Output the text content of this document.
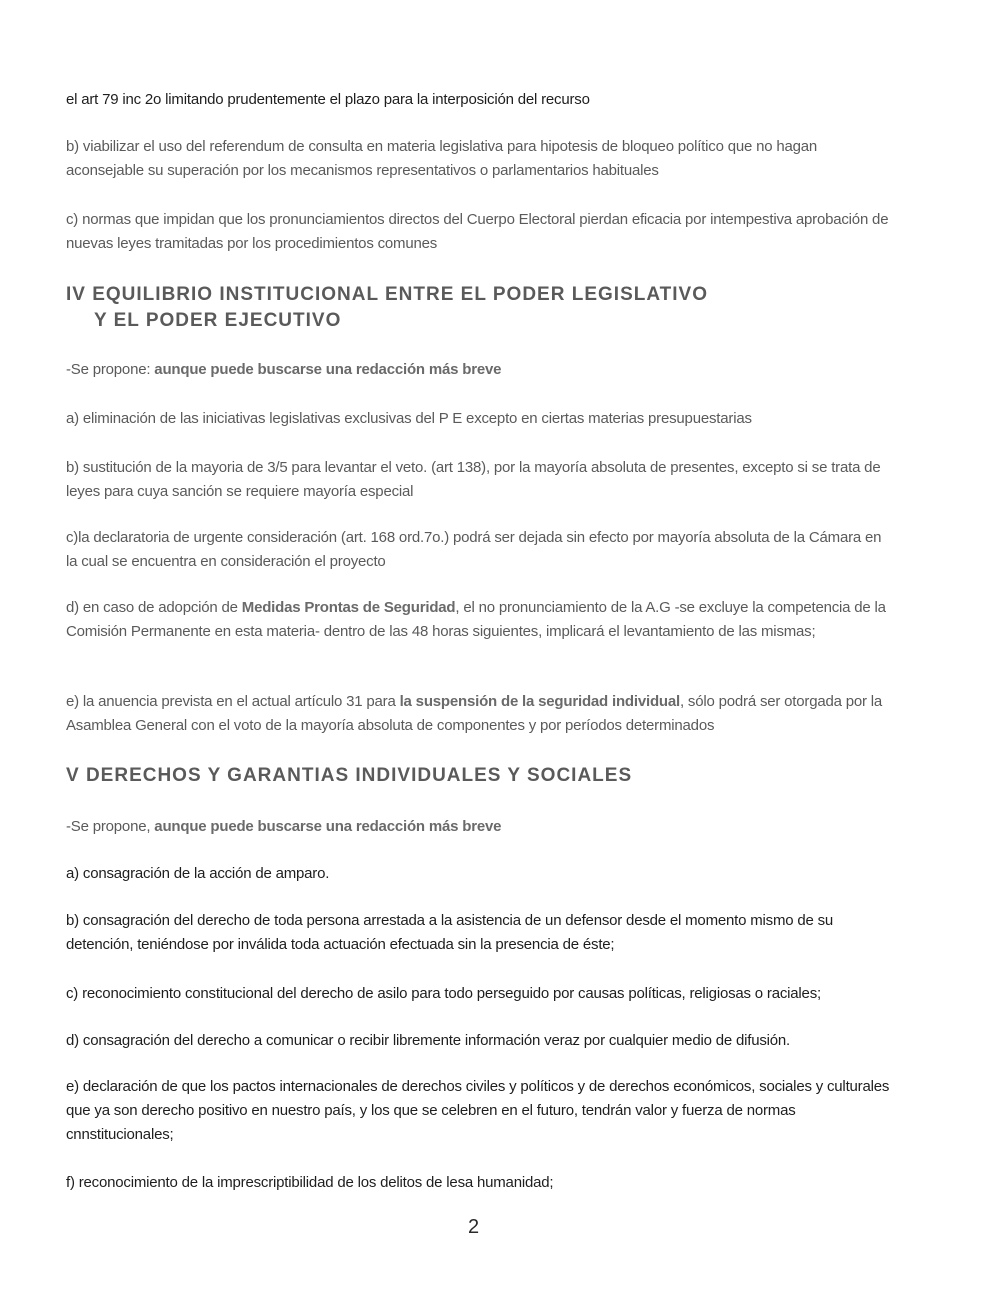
el art 79 inc 2o limitando prudentemente el plazo para la interposición del recurso
b) viabilizar el uso del referendum de consulta en materia legislativa para hipotesis de bloqueo político que no hagan aconsejable su superación por los mecanismos representativos o parlamentarios habituales
c) normas que impidan que los pronunciamientos directos del Cuerpo Electoral pierdan eficacia por intempestiva aprobación de nuevas leyes tramitadas por los procedimientos comunes
IV EQUILIBRIO INSTITUCIONAL ENTRE EL PODER LEGISLATIVO
Y EL PODER EJECUTIVO
-Se propone: aunque puede buscarse una redacción más breve
a) eliminación de las iniciativas legislativas exclusivas del P E excepto en ciertas materias presupuestarias
b) sustitución de la mayoria de 3/5 para levantar el veto. (art 138), por la mayoría absoluta de presentes, excepto si se trata de leyes para cuya sanción se requiere mayoría especial
c)la declaratoria de urgente consideración (art. 168 ord.7o.) podrá ser dejada sin efecto por mayoría absoluta de la Cámara en la cual se encuentra en consideración el proyecto
d) en caso de adopción de Medidas Prontas de Seguridad, el no pronunciamiento de la A.G -se excluye la competencia de la Comisión Permanente en esta materia- dentro de las 48 horas siguientes, implicará el levantamiento de las mismas;
e) la anuencia prevista en el actual artículo 31 para la suspensión de la seguridad individual, sólo podrá ser otorgada por la Asamblea General con el voto de la mayoría absoluta de componentes y por períodos determinados
V DERECHOS Y GARANTIAS INDIVIDUALES Y SOCIALES
-Se propone, aunque puede buscarse una redacción más breve
a) consagración de la acción de amparo.
b) consagración del derecho de toda persona arrestada a la asistencia de un defensor desde el momento mismo de su detención, teniéndose por inválida toda actuación efectuada sin la presencia de éste;
c) reconocimiento constitucional del derecho de asilo para todo perseguido por causas políticas, religiosas o raciales;
d) consagración del derecho a comunicar o recibir libremente información veraz por cualquier medio de difusión.
e) declaración de que los pactos internacionales de derechos civiles y políticos y de derechos económicos, sociales y culturales que ya son derecho positivo en nuestro país, y los que se celebren en el futuro, tendrán valor y fuerza de normas cnnstitucionales;
f) reconocimiento de la imprescriptibilidad de los delitos de lesa humanidad;
2
